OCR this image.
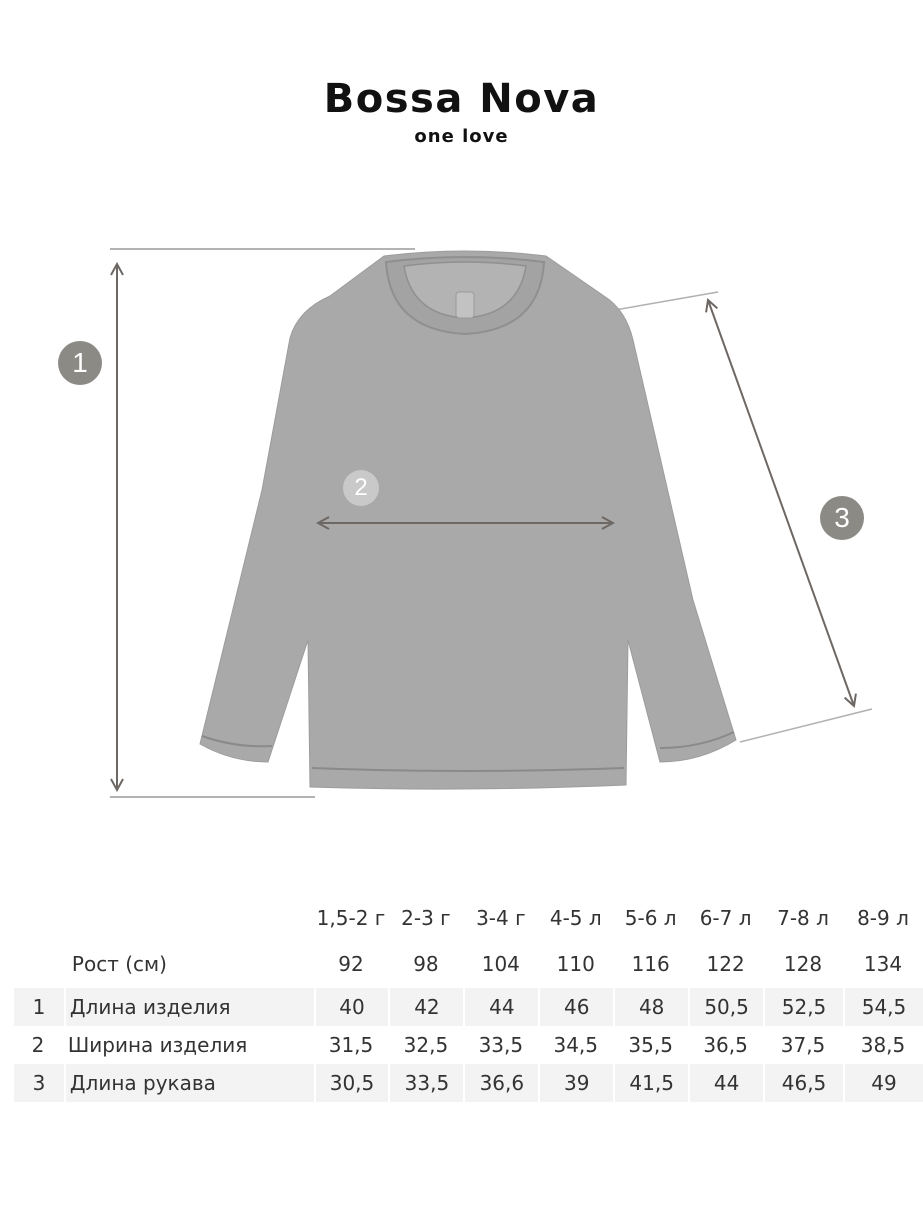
Bossa Nova
one love
1
2
3
		1,5-2 г	2-3 г	3-4 г	4-5 л	5-6 л	6-7 л	7-8 л	8-9 л
	Рост (см)	92	98	104	110	116	122	128	134
1	Длина изделия	40	42	44	46	48	50,5	52,5	54,5
2	Ширина изделия	31,5	32,5	33,5	34,5	35,5	36,5	37,5	38,5
3	Длина рукава	30,5	33,5	36,6	39	41,5	44	46,5	49
